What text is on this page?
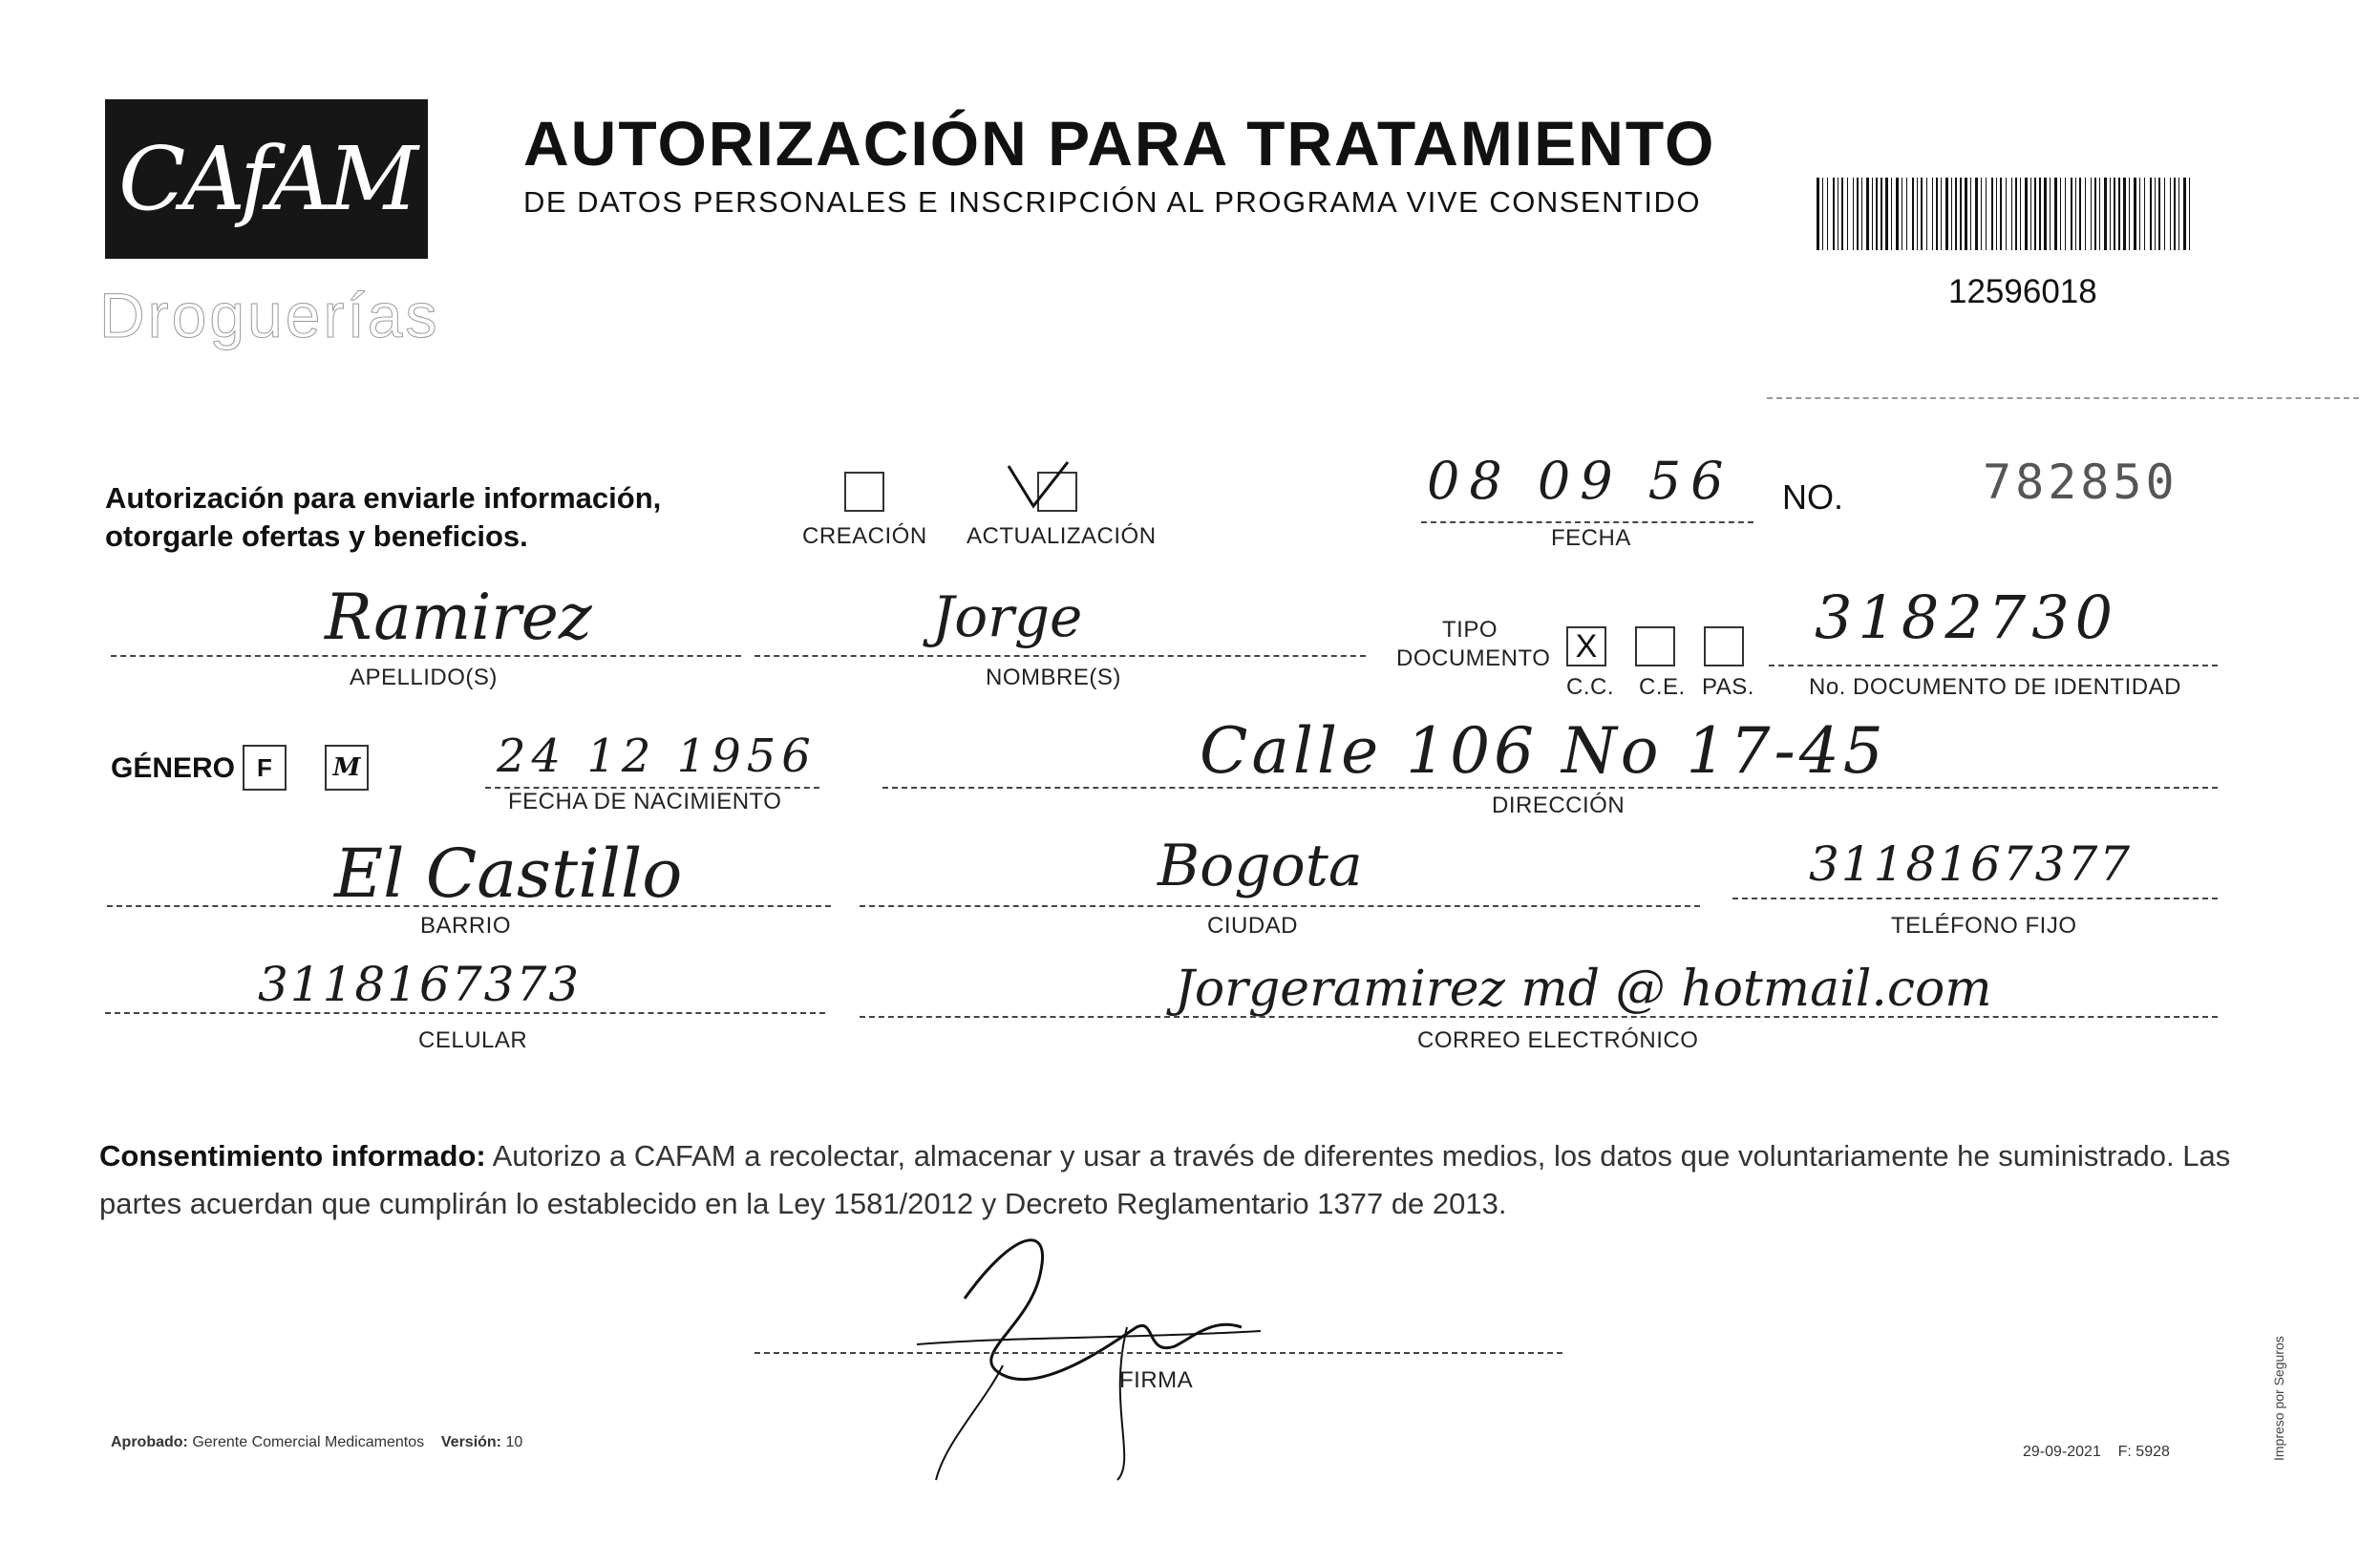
CAfAM
Droguerías
AUTORIZACIÓN PARA TRATAMIENTO
DE DATOS PERSONALES E INSCRIPCIÓN AL PROGRAMA VIVE CONSENTIDO
12596018
Autorización para enviarle información,
otorgarle ofertas y beneficios.	CREACIÓN ACTUALIZACIÓN
08 09 56
FECHA
NO.	782850
Ramirez
APELLIDO(S)
Jorge
NOMBRE(S)
TIPO
DOCUMENTO X
C.C. C.E. PAS.
3182730
No. DOCUMENTO DE IDENTIDAD
GÉNERO F	M	24 12 1956
FECHA DE NACIMIENTO
Calle 106 No 17-45
DIRECCIÓN
El Castillo
BARRIO
Bogota
CIUDAD
3118167377
TELÉFONO FIJO
3118167373
CELULAR
Jorgeramirez md @ hotmail.com
CORREO ELECTRÓNICO
Consentimiento informado: Autorizo a CAFAM a recolectar, almacenar y usar a través de diferentes medios, los datos que voluntariamente he suministrado. Las partes acuerdan que cumplirán lo establecido en la Ley 1581/2012 y Decreto Reglamentario 1377 de 2013.
FIRMA
Aprobado: Gerente Comercial Medicamentos Versión: 10
29-09-2021 F: 5928	Impreso por Seguros
